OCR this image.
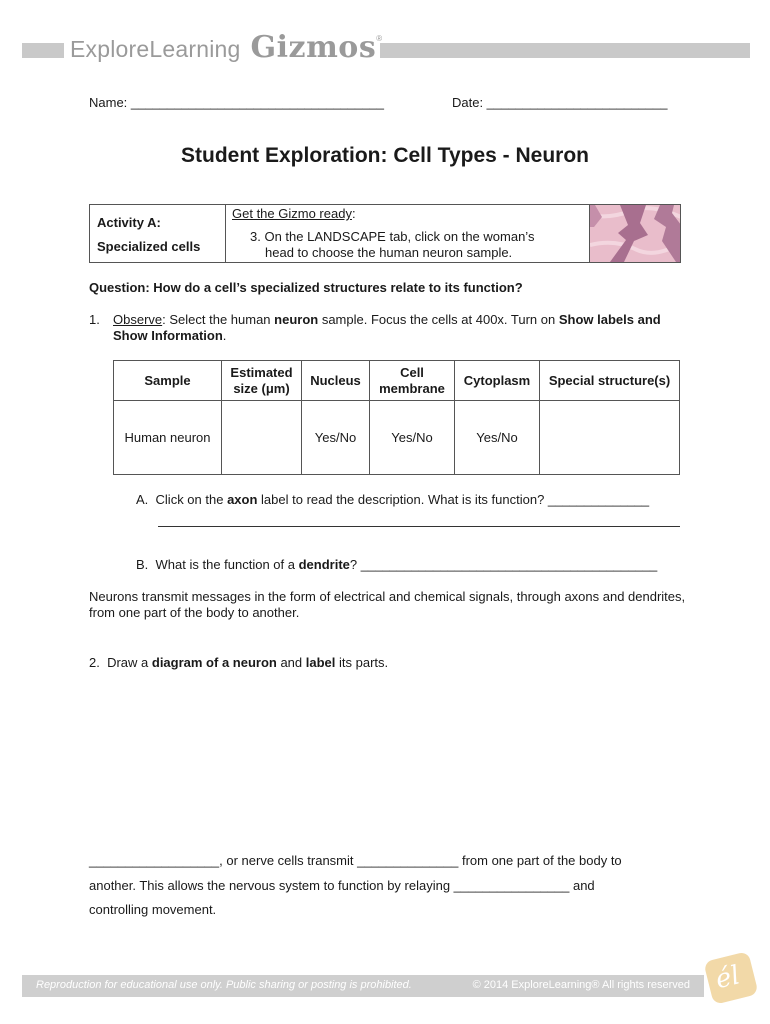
Explore Learning Gizmos ®
Name: ___________________________________	Date: _________________________
Student Exploration: Cell Types - Neuron
Activity A:
Specialized cells
Get the Gizmo ready:
3. On the LANDSCAPE tab, click on the woman’s
head to choose the human neuron sample.
Question: How do a cell’s specialized structures relate to its function?
1. Observe: Select the human neuron sample. Focus the cells at 400x. Turn on Show labels and Show Information.
Sample	Estimated size (μm)	Nucleus	Cell membrane	Cytoplasm	Special structure(s)
Human neuron		Yes/No	Yes/No	Yes/No	
A. Click on the axon label to read the description. What is its function? ______________
B. What is the function of a dendrite? _________________________________________
Neurons transmit messages in the form of electrical and chemical signals, through axons and dendrites, from one part of the body to another.
2. Draw a diagram of a neuron and label its parts.
__________________, or nerve cells transmit ______________ from one part of the body to
another. This allows the nervous system to function by relaying ________________ and
controlling movement.
Reproduction for educational use only. Public sharing or posting is prohibited.	© 2014 ExploreLearning® All rights reserved él
